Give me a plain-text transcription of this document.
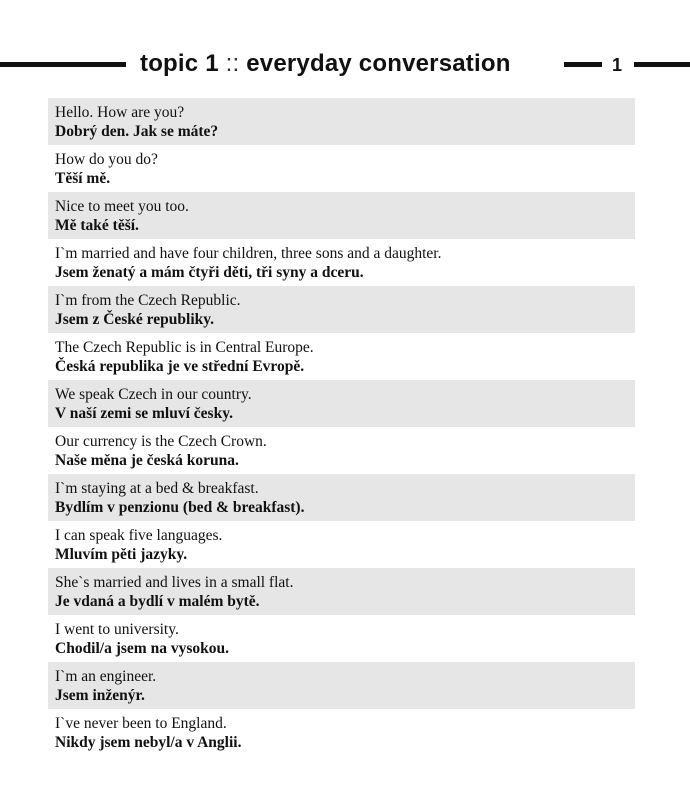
topic 1 :: everyday conversation	1
Hello. How are you?
Dobrý den. Jak se máte?
How do you do?
Těší mě.
Nice to meet you too.
Mě také těší.
I`m married and have four children, three sons and a daughter.
Jsem ženatý a mám čtyři děti, tři syny a dceru.
I`m from the Czech Republic.
Jsem z České republiky.
The Czech Republic is in Central Europe.
Česká republika je ve střední Evropě.
We speak Czech in our country.
V naší zemi se mluví česky.
Our currency is the Czech Crown.
Naše měna je česká koruna.
I`m staying at a bed & breakfast.
Bydlím v penzionu (bed & breakfast).
I can speak five languages.
Mluvím pěti jazyky.
She`s married and lives in a small flat.
Je vdaná a bydlí v malém bytě.
I went to university.
Chodil/a jsem na vysokou.
I`m an engineer.
Jsem inženýr.
I`ve never been to England.
Nikdy jsem nebyl/a v Anglii.
